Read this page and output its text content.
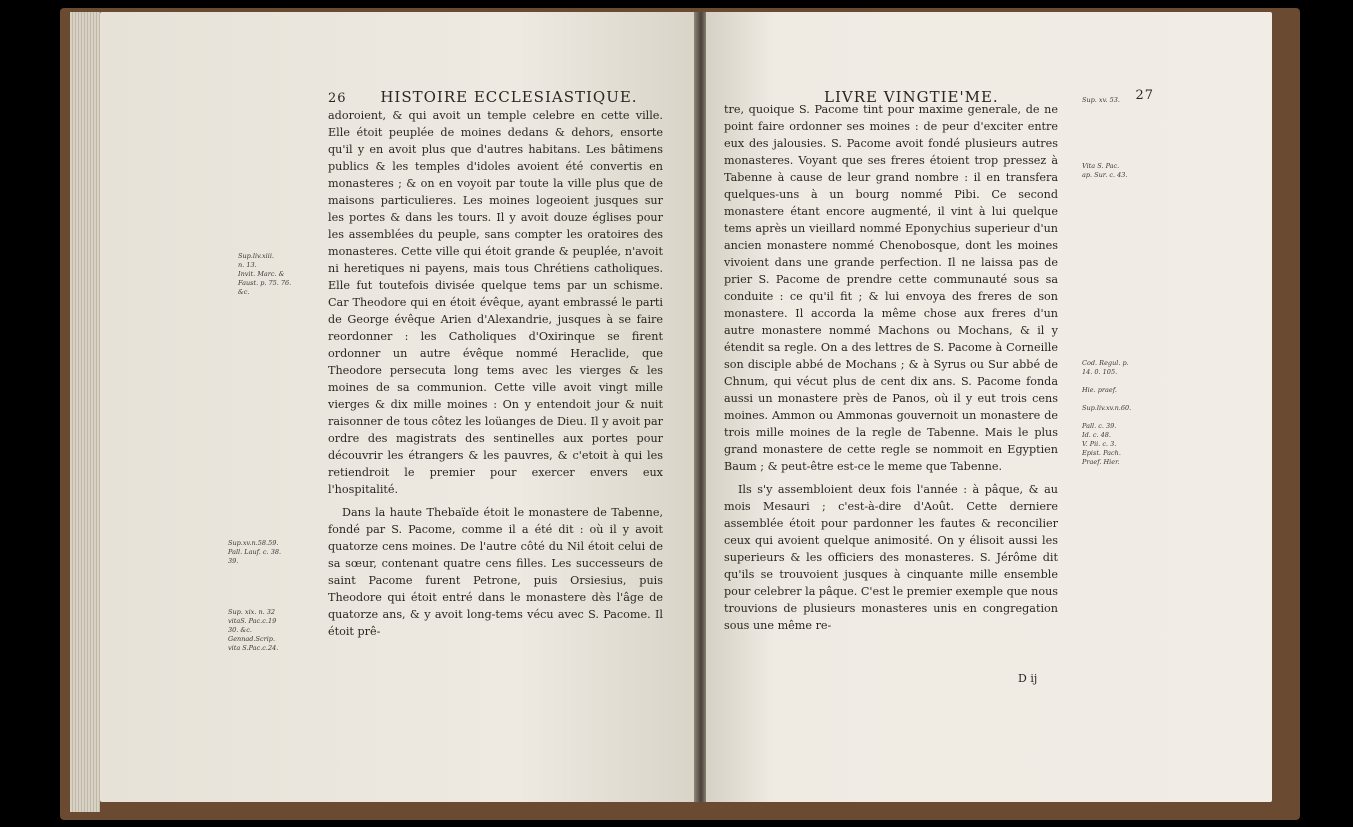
26 HISTOIRE ECCLESIASTIQUE.
Sup.liv.xiii.
n. 13.
Invit. Marc. &
Faust. p. 75. 76.
&c.
Sup.xv.n.58.59.
Pall. Lauf. c. 38.
39.
Sup. xix. n. 32
vitaS. Pac.c.19
30. &c.
Gennad.Scrip.
vita S.Pac.c.24.

adoroient, & qui avoit un temple celebre en cette ville. Elle étoit peuplée de moines dedans & dehors, ensorte qu'il y en avoit plus que d'autres habitans. Les bâtimens publics & les temples d'idoles avoient été convertis en monasteres ; & on en voyoit par toute la ville plus que de maisons particulieres. Les moines logeoient jusques sur les portes & dans les tours. Il y avoit douze églises pour les assemblées du peuple, sans compter les oratoires des monasteres. Cette ville qui étoit grande & peuplée, n'avoit ni heretiques ni payens, mais tous Chrétiens catholiques. Elle fut toutefois divisée quelque tems par un schisme. Car Theodore qui en étoit évêque, ayant embrassé le parti de George évêque Arien d'Alexandrie, jusques à se faire reordonner : les Catholiques d'Oxirinque se firent ordonner un autre évêque nommé Heraclide, que Theodore persecuta long tems avec les vierges & les moines de sa communion. Cette ville avoit vingt mille vierges & dix mille moines : On y entendoit jour & nuit raisonner de tous côtez les loüanges de Dieu. Il y avoit par ordre des magistrats des sentinelles aux portes pour découvrir les étrangers & les pauvres, & c'etoit à qui les retiendroit le premier pour exercer envers eux l'hospitalité.

Dans la haute Thebaïde étoit le monastere de Tabenne, fondé par S. Pacome, comme il a été dit : où il y avoit quatorze cens moines. De l'autre côté du Nil étoit celui de sa sœur, contenant quatre cens filles. Les successeurs de saint Pacome furent Petrone, puis Orsiesius, puis Theodore qui étoit entré dans le monastere dès l'âge de quatorze ans, & y avoit long-tems vécu avec S. Pacome. Il étoit prê-

LIVRE VINGTIE'ME.	27
Sup. xv. 53.
Vita S. Pac.
ap. Sur. c. 43.
Cod. Regul. p.
14. 0. 105.
Hie. praef.
Sup.liv.xv.n.60.
Pall. c. 39.
Id. c. 48.
V. Pii. c. 3.
Epist. Pach.
Praef. Hier.

tre, quoique S. Pacome tint pour maxime generale, de ne point faire ordonner ses moines : de peur d'exciter entre eux des jalousies. S. Pacome avoit fondé plusieurs autres monasteres. Voyant que ses freres étoient trop pressez à Tabenne à cause de leur grand nombre : il en transfera quelques-uns à un bourg nommé Pibi. Ce second monastere étant encore augmenté, il vint à lui quelque tems après un vieillard nommé Eponychius superieur d'un ancien monastere nommé Chenobosque, dont les moines vivoient dans une grande perfection. Il ne laissa pas de prier S. Pacome de prendre cette communauté sous sa conduite : ce qu'il fit ; & lui envoya des freres de son monastere. Il accorda la même chose aux freres d'un autre monastere nommé Machons ou Mochans, & il y étendit sa regle. On a des lettres de S. Pacome à Corneille son disciple abbé de Mochans ; & à Syrus ou Sur abbé de Chnum, qui vécut plus de cent dix ans. S. Pacome fonda aussi un monastere près de Panos, où il y eut trois cens moines. Ammon ou Ammonas gouvernoit un monastere de trois mille moines de la regle de Tabenne. Mais le plus grand monastere de cette regle se nommoit en Egyptien Baum ; & peut-être est-ce le meme que Tabenne.

Ils s'y assembloient deux fois l'année : à pâque, & au mois Mesauri ; c'est-à-dire d'Août. Cette derniere assemblée étoit pour pardonner les fautes & reconcilier ceux qui avoient quelque animosité. On y élisoit aussi les superieurs & les officiers des monasteres. S. Jérôme dit qu'ils se trouvoient jusques à cinquante mille ensemble pour celebrer la pâque. C'est le premier exemple que nous trouvions de plusieurs monasteres unis en congregation sous une même re-

D ij
